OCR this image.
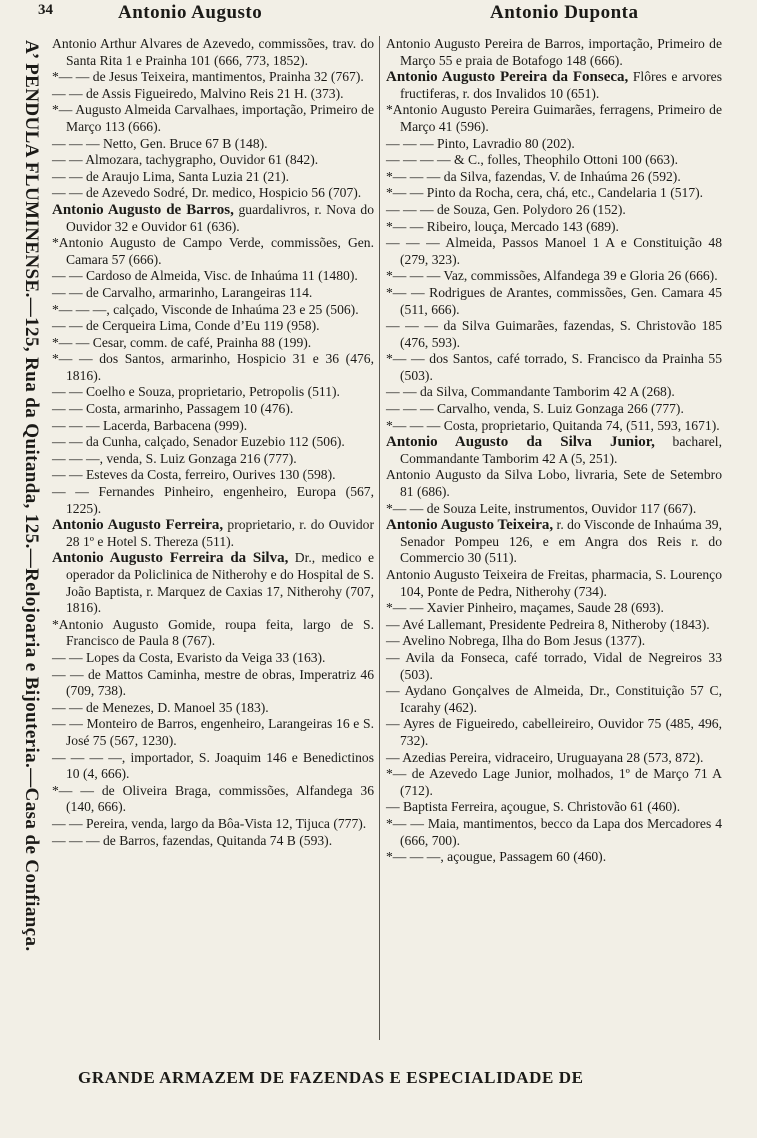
34	Antonio Augusto	Antonio Duponta
A’ PENDULA FLUMINENSE.—125, Rua da Quitanda, 125.—Relojoaria e Bijouteria.—Casa de Confiança. Antonio Arthur Alvares de Azevedo, commissões, trav. do Santa Rita 1 e Prainha 101 (666, 773, 1852).

*— — de Jesus Teixeira, mantimentos, Prainha 32 (767).

— — de Assis Figueiredo, Malvino Reis 21 H. (373).

*— Augusto Almeida Carvalhaes, importação, Primeiro de Março 113 (666).

— — — Netto, Gen. Bruce 67 B (148).

— — Almozara, tachygrapho, Ouvidor 61 (842).

— — de Araujo Lima, Santa Luzia 21 (21).

— — de Azevedo Sodré, Dr. medico, Hospicio 56 (707).

Antonio Augusto de Barros, guardalivros, r. Nova do Ouvidor 32 e Ouvidor 61 (636).

*Antonio Augusto de Campo Verde, commissões, Gen. Camara 57 (666).

— — Cardoso de Almeida, Visc. de Inhaúma 11 (1480).

— — de Carvalho, armarinho, Larangeiras 114.

*— — —, calçado, Visconde de Inhaúma 23 e 25 (506).

— — de Cerqueira Lima, Conde d’Eu 119 (958).

*— — Cesar, comm. de café, Prainha 88 (199).

*— — dos Santos, armarinho, Hospicio 31 e 36 (476, 1816).

— — Coelho e Souza, proprietario, Petropolis (511).

— — Costa, armarinho, Passagem 10 (476).

— — — Lacerda, Barbacena (999).

— — da Cunha, calçado, Senador Euzebio 112 (506).

— — —, venda, S. Luiz Gonzaga 216 (777).

— — Esteves da Costa, ferreiro, Ourives 130 (598).

— — Fernandes Pinheiro, engenheiro, Europa (567, 1225).

Antonio Augusto Ferreira, proprietario, r. do Ouvidor 28 1º e Hotel S. Thereza (511).

Antonio Augusto Ferreira da Silva, Dr., medico e operador da Policlinica de Nitherohy e do Hospital de S. João Baptista, r. Marquez de Caxias 17, Nitherohy (707, 1816).

*Antonio Augusto Gomide, roupa feita, largo de S. Francisco de Paula 8 (767).

— — Lopes da Costa, Evaristo da Veiga 33 (163).

— — de Mattos Caminha, mestre de obras, Imperatriz 46 (709, 738).

— — de Menezes, D. Manoel 35 (183).

— — Monteiro de Barros, engenheiro, Larangeiras 16 e S. José 75 (567, 1230).

— — — —, importador, S. Joaquim 146 e Benedictinos 10 (4, 666).

*— — de Oliveira Braga, commissões, Alfandega 36 (140, 666).

— — Pereira, venda, largo da Bôa-Vista 12, Tijuca (777).

— — — de Barros, fazendas, Quitanda 74 B (593).

Antonio Augusto Pereira de Barros, importação, Primeiro de Março 55 e praia de Botafogo 148 (666).

Antonio Augusto Pereira da Fonseca, Flôres e arvores fructiferas, r. dos Invalidos 10 (651).

*Antonio Augusto Pereira Guimarães, ferragens, Primeiro de Março 41 (596).

— — — Pinto, Lavradio 80 (202).

— — — — & C., folles, Theophilo Ottoni 100 (663).

*— — — da Silva, fazendas, V. de Inhaúma 26 (592).

*— — Pinto da Rocha, cera, chá, etc., Candelaria 1 (517).

— — — de Souza, Gen. Polydoro 26 (152).

*— — Ribeiro, louça, Mercado 143 (689).

— — — Almeida, Passos Manoel 1 A e Constituição 48 (279, 323).

*— — — Vaz, commissões, Alfandega 39 e Gloria 26 (666).

*— — Rodrigues de Arantes, commissões, Gen. Camara 45 (511, 666).

— — — da Silva Guimarães, fazendas, S. Christovão 185 (476, 593).

*— — dos Santos, café torrado, S. Francisco da Prainha 55 (503).

— — da Silva, Commandante Tamborim 42 A (268).

— — — Carvalho, venda, S. Luiz Gonzaga 266 (777).

*— — — Costa, proprietario, Quitanda 74, (511, 593, 1671).

Antonio Augusto da Silva Junior, bacharel, Commandante Tamborim 42 A (5, 251).

Antonio Augusto da Silva Lobo, livraria, Sete de Setembro 81 (686).

*— — de Souza Leite, instrumentos, Ouvidor 117 (667).

Antonio Augusto Teixeira, r. do Visconde de Inhaúma 39, Senador Pompeu 126, e em Angra dos Reis r. do Commercio 30 (511).

Antonio Augusto Teixeira de Freitas, pharmacia, S. Lourenço 104, Ponte de Pedra, Nitherohy (734).

*— — Xavier Pinheiro, maçames, Saude 28 (693).

— Avé Lallemant, Presidente Pedreira 8, Nitheroby (1843).

— Avelino Nobrega, Ilha do Bom Jesus (1377).

— Avila da Fonseca, café torrado, Vidal de Negreiros 33 (503).

— Aydano Gonçalves de Almeida, Dr., Constituição 57 C, Icarahy (462).

— Ayres de Figueiredo, cabelleireiro, Ouvidor 75 (485, 496, 732).

— Azedias Pereira, vidraceiro, Uruguayana 28 (573, 872).

*— de Azevedo Lage Junior, molhados, 1º de Março 71 A (712).

— Baptista Ferreira, açougue, S. Christovão 61 (460).

*— — Maia, mantimentos, becco da Lapa dos Mercadores 4 (666, 700).

*— — —, açougue, Passagem 60 (460).

GRANDE ARMAZEM DE FAZENDAS E ESPECIALIDADE DE
